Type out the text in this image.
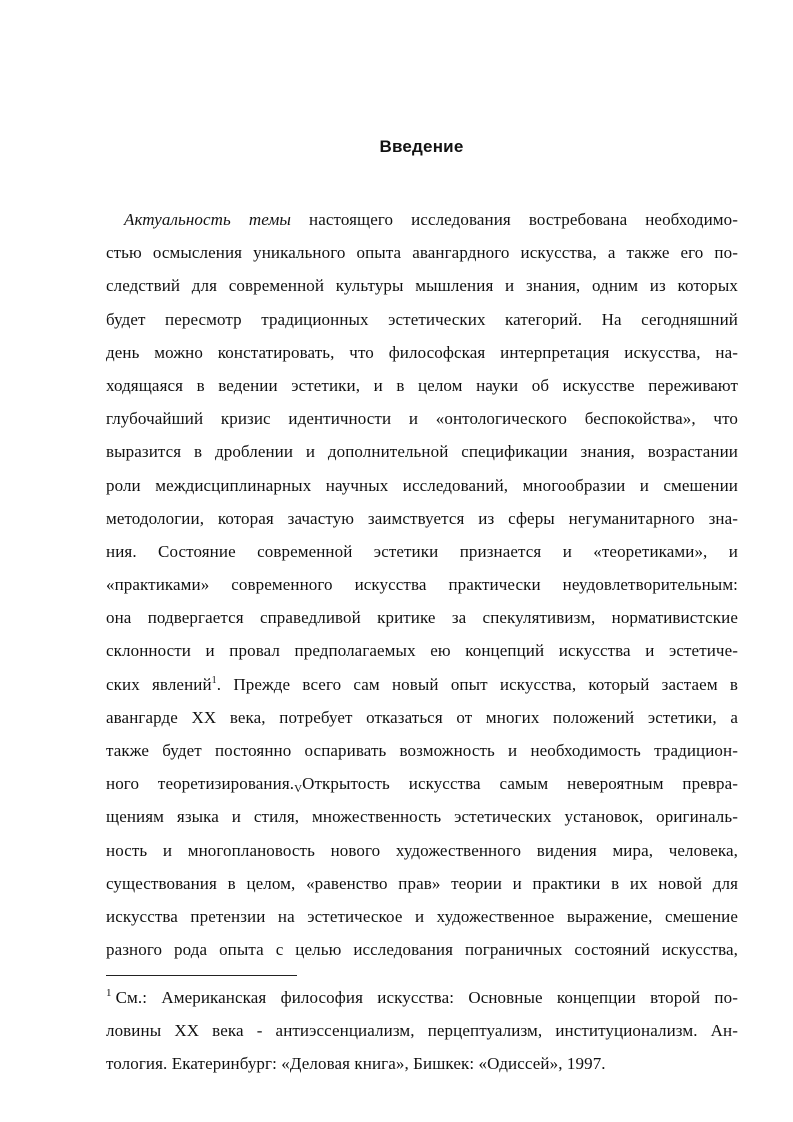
Введение
Актуальность темы настоящего исследования востребована необходимо-
стью осмысления уникального опыта авангардного искусства, а также его по-
следствий для современной культуры мышления и знания, одним из которых
будет пересмотр традиционных эстетических категорий. На сегодняшний
день можно констатировать, что философская интерпретация искусства, на-
ходящаяся в ведении эстетики, и в целом науки об искусстве переживают
глубочайший кризис идентичности и «онтологического беспокойства», что
выразится в дроблении и дополнительной спецификации знания, возрастании
роли междисциплинарных научных исследований, многообразии и смешении
методологии, которая зачастую заимствуется из сферы негуманитарного зна-
ния. Состояние современной эстетики признается и «теоретиками», и
«практиками» современного искусства практически неудовлетворительным:
она подвергается справедливой критике за спекулятивизм, нормативистские
склонности и провал предполагаемых ею концепций искусства и эстетиче-
ских явлений$^1$. Прежде всего сам новый опыт искусства, который застаем в
авангарде XX века, потребует отказаться от многих положений эстетики, а
также будет постоянно оспаривать возможность и необходимость традицион-
ного теоретизирования.VОткрытость искусства самым невероятным превра-
щениям языка и стиля, множественность эстетических установок, оригиналь-
ность и многоплановость нового художественного видения мира, человека,
существования в целом, «равенство прав» теории и практики в их новой для
искусства претензии на эстетическое и художественное выражение, смешение
разного рода опыта с целью исследования пограничных состояний искусства,
$^1$ См.: Американская философия искусства: Основные концепции второй по-
ловины XX века - антиэссенциализм, перцептуализм, институционализм. Ан-
тология. Екатеринбург: «Деловая книга», Бишкек: «Одиссей», 1997.
